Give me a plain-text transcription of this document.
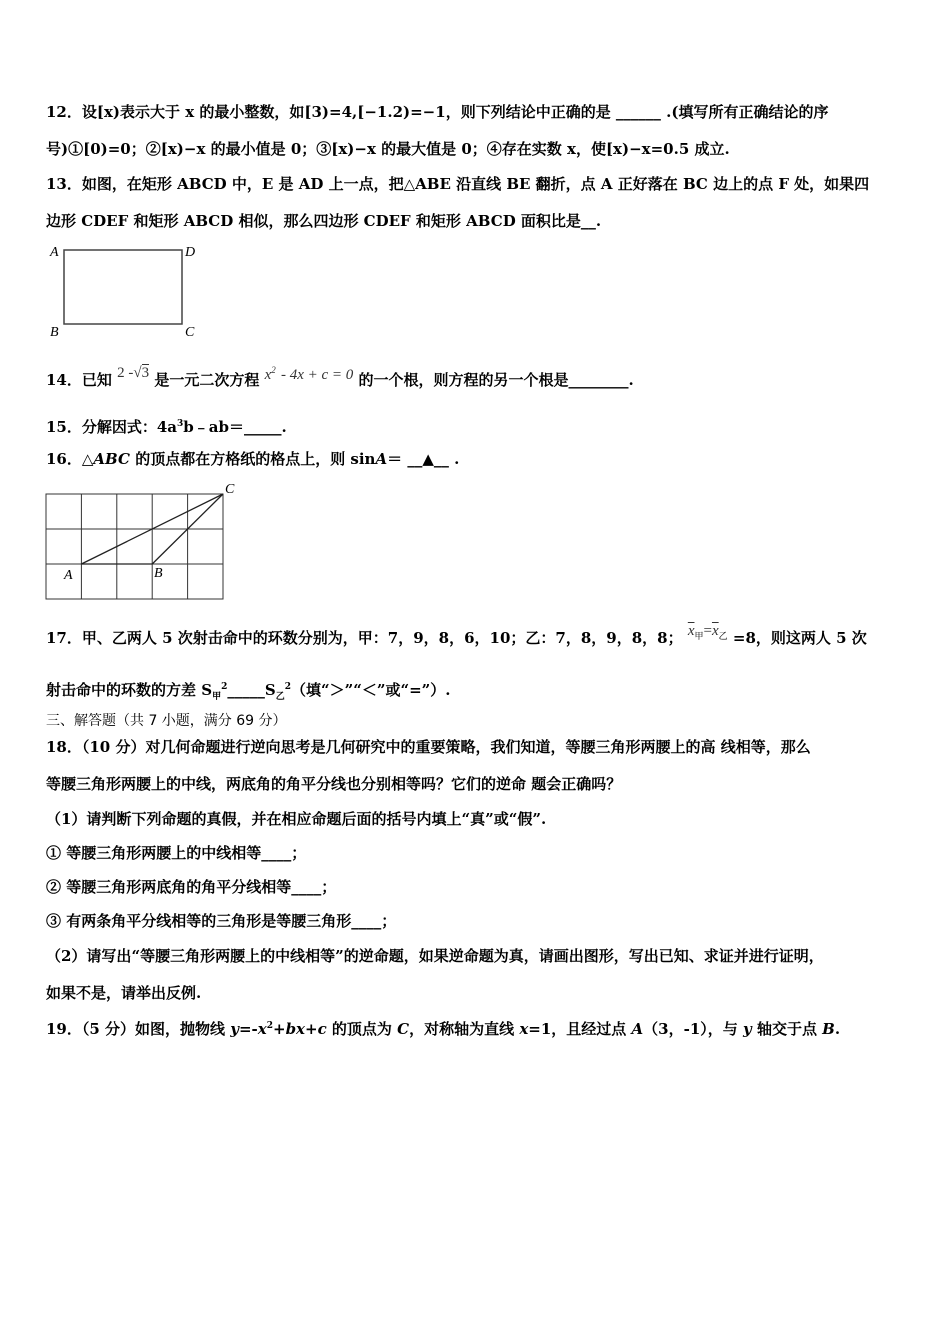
12．设[x)表示大于 x 的最小整数，如[3)=4,[−1.2)=−1，则下列结论中正确的是 ______ .(填写所有正确结论的序
号)①[0)=0；②[x)−x 的最小值是 0；③[x)−x 的最大值是 0；④存在实数 x，使[x)−x=0.5 成立.
13．如图，在矩形 ABCD 中，E 是 AD 上一点，把△ABE 沿直线 BE 翻折，点 A 正好落在 BC 边上的点 F 处，如果四
边形 CDEF 和矩形 ABCD 相似，那么四边形 CDEF 和矩形 ABCD 面积比是__.
A	D
B	C
14．已知 2 -√3 是一元二次方程 $x^2 - 4x + c = 0$ 的一个根，则方程的另一个根是________.
15．分解因式：$4a^3b﹣ab=\_\_\_\_\_$.
16．△ABC 的顶点都在方格纸的格点上，则 sinA＝ __▲__ .
A	B
C
17．甲、乙两人 5 次射击命中的环数分别为，甲：7，9，8，6，10；乙：7，8，9，8，8； $\overline{x}_甲=\overline{x}_乙 =8$，则这两人 5 次
射击命中的环数的方差 $S_甲^2\_\_\_\_\_S_乙^2$（填“＞”“＜”或“=”）.
三、解答题（共 7 小题，满分 69 分）
18．（10 分）对几何命题进行逆向思考是几何研究中的重要策略，我们知道，等腰三角形两腰上的高 线相等，那么
等腰三角形两腰上的中线，两底角的角平分线也分别相等吗？它们的逆命 题会正确吗？
（1）请判断下列命题的真假，并在相应命题后面的括号内填上“真”或“假”.
① 等腰三角形两腰上的中线相等____；
② 等腰三角形两底角的角平分线相等____；
③ 有两条角平分线相等的三角形是等腰三角形____；
（2）请写出“等腰三角形两腰上的中线相等”的逆命题，如果逆命题为真，请画出图形，写出已知、求证并进行证明，
如果不是，请举出反例.
19．（5 分）如图，抛物线 $y=-x^2+bx+c$ 的顶点为 C，对称轴为直线 x=1，且经过点 A（3，-1），与 y 轴交于点 B.
